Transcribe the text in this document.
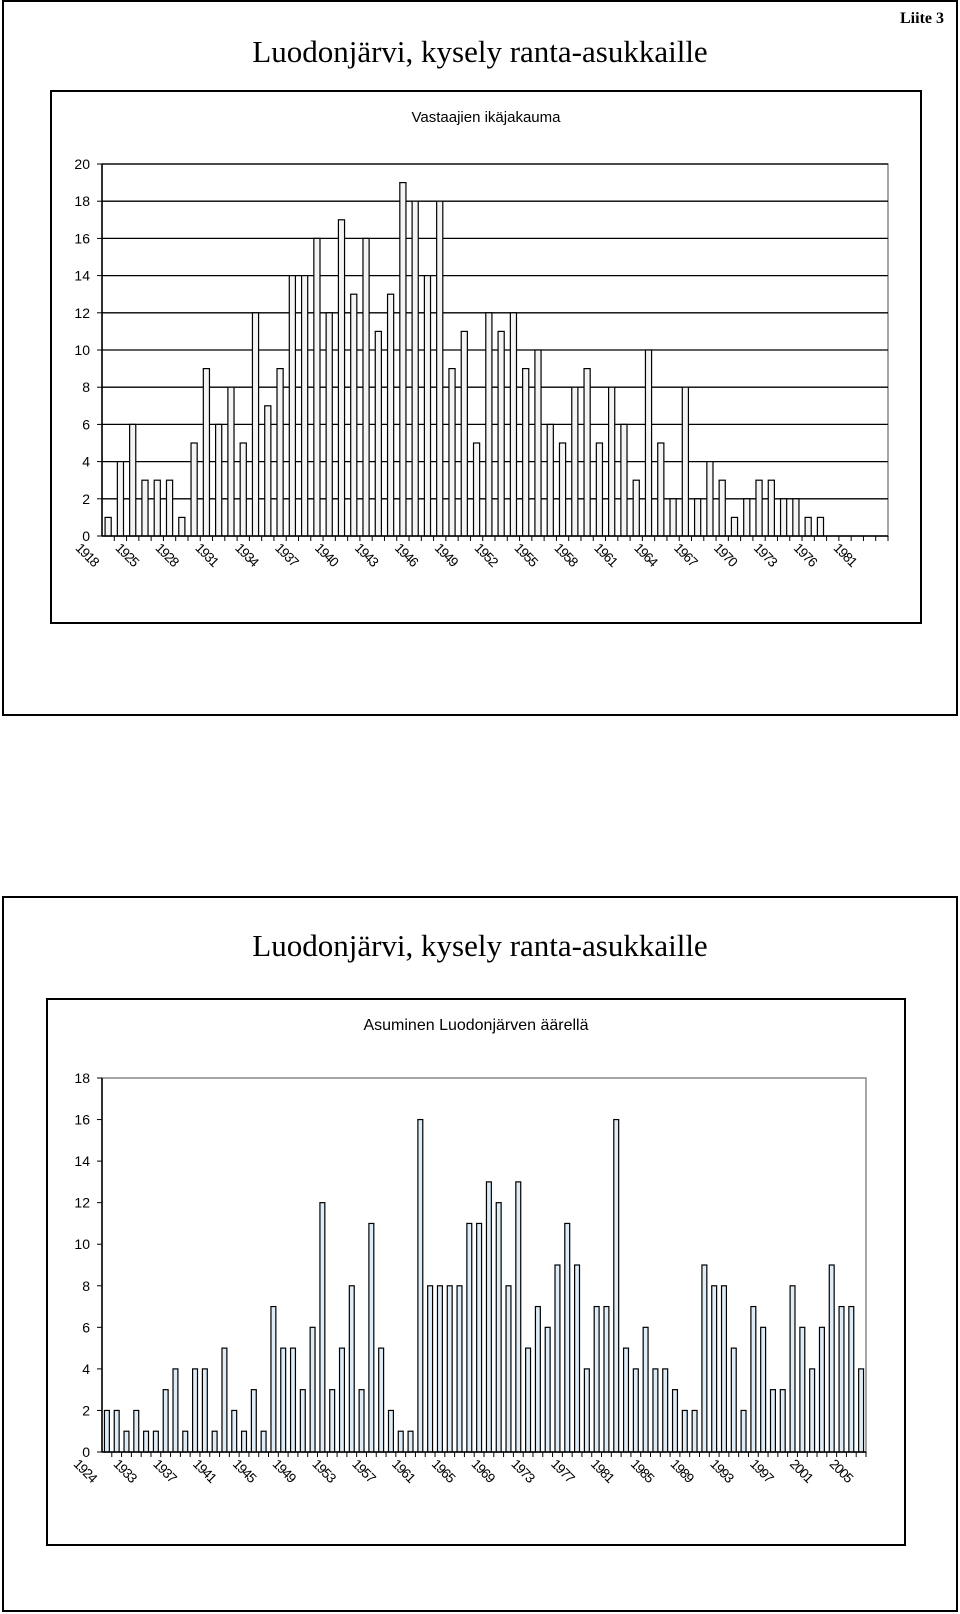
Liite 3
Luodonjärvi, kysely ranta-asukkaille
Vastaajien ikäjakauma
0
2
4
6
8
10
12
14
16
18
20
1918 1925 1928 1931 1934 1937 1940 1943 1946 1949 1952 1955 1958 1961 1964 1967 1970 1973 1976 1981
Luodonjärvi, kysely ranta-asukkaille
Asuminen Luodonjärven äärellä
0
2
4
6
8
10
12
14
16
18
1924 1933 1937 1941 1945 1949 1953 1957 1961 1965 1969 1973 1977 1981 1985 1989 1993 1997 2001 2005
